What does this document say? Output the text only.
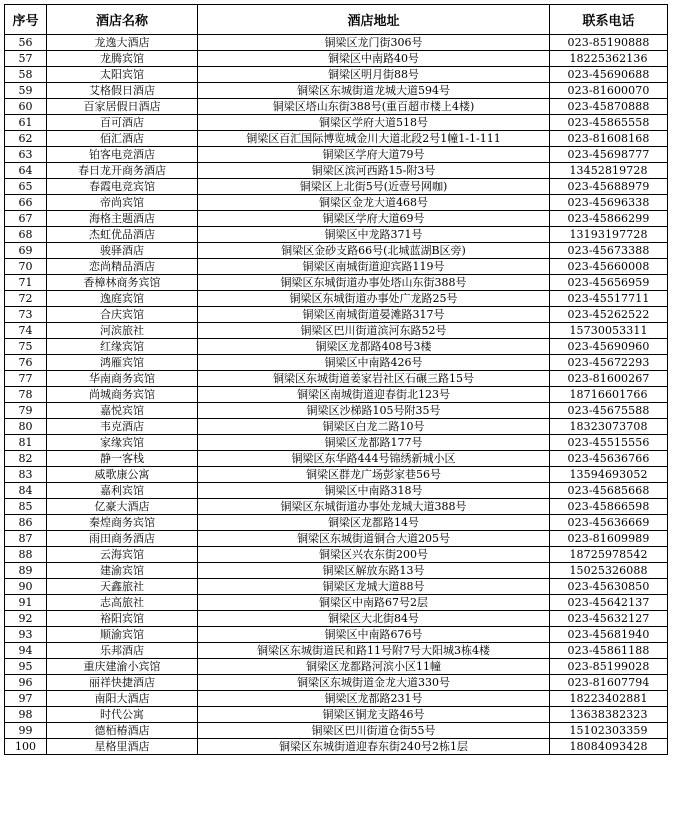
序号	酒店名称	酒店地址	联系电话
56	龙逸大酒店	铜梁区龙门街306号	023-85190888
57	龙腾宾馆	铜梁区中南路40号	18225362136
58	太阳宾馆	铜梁区明月街88号	023-45690688
59	艾格假日酒店	铜梁区东城街道龙城大道594号	023-81600070
60	百家居假日酒店	铜梁区塔山东街388号(重百超市楼上4楼)	023-45870888
61	百可酒店	铜梁区学府大道518号	023-45865558
62	佰汇酒店	铜梁区百汇国际博览城金川大道北段2号1幢1-1-111	023-81608168
63	铂客电竞酒店	铜梁区学府大道79号	023-45698777
64	春日龙开商务酒店	铜梁区滨河西路15-附3号	13452819728
65	春霞电竞宾馆	铜梁区上北街5号(近壹号网咖)	023-45688979
66	帝尚宾馆	铜梁区金龙大道468号	023-45696338
67	海格主题酒店	铜梁区学府大道69号	023-45866299
68	杰虹优品酒店	铜梁区中龙路371号	13193197728
69	骏驿酒店	铜梁区金砂支路66号(北城蓝湖B区旁)	023-45673388
70	恋尚精品酒店	铜梁区南城街道迎宾路119号	023-45660008
71	香樟林商务宾馆	铜梁区东城街道办事处塔山东街388号	023-45656959
72	逸庭宾馆	铜梁区东城街道办事处广龙路25号	023-45517711
73	合庆宾馆	铜梁区南城街道晏滩路317号	023-45262522
74	河滨旅社	铜梁区巴川街道滨河东路52号	15730053311
75	红缘宾馆	铜梁区龙都路408号3楼	023-45690960
76	鸿雁宾馆	铜梁区中南路426号	023-45672293
77	华南商务宾馆	铜梁区东城街道姜家岩社区石碾三路15号	023-81600267
78	尚城商务宾馆	铜梁区南城街道迎春街北123号	18716601766
79	嘉悦宾馆	铜梁区沙梯路105号附35号	023-45675588
80	韦克酒店	铜梁区白龙二路10号	18323073708
81	家缘宾馆	铜梁区龙都路177号	023-45515556
82	静一客栈	铜梁区东华路444号锦绣新城小区	023-45636766
83	威歌康公寓	铜梁区群龙广场彭家巷56号	13594693052
84	嘉利宾馆	铜梁区中南路318号	023-45685668
85	亿豪大酒店	铜梁区东城街道办事处龙城大道388号	023-45866598
86	秦煌商务宾馆	铜梁区龙都路14号	023-45636669
87	雨田商务酒店	铜梁区东城街道铜合大道205号	023-81609989
88	云海宾馆	铜梁区兴农东街200号	18725978542
89	建渝宾馆	铜梁区解放东路13号	15025326088
90	天鑫旅社	铜梁区龙城大道88号	023-45630850
91	志高旅社	铜梁区中南路67号2层	023-45642137
92	裕阳宾馆	铜梁区大北街84号	023-45632127
93	顺渝宾馆	铜梁区中南路676号	023-45681940
94	乐邦酒店	铜梁区东城街道民和路11号附7号大阳城3栋4楼	023-45861188
95	重庆建渝小宾馆	铜梁区龙都路河滨小区11幢	023-85199028
96	丽祥快捷酒店	铜梁区东城街道金龙大道330号	023-81607794
97	南阳大酒店	铜梁区龙都路231号	18223402881
98	时代公寓	铜梁区铜龙支路46号	13638382323
99	德栢椿酒店	铜梁区巴川街道仓街55号	15102303359
100	星格里酒店	铜梁区东城街道迎春东街240号2栋1层	18084093428
